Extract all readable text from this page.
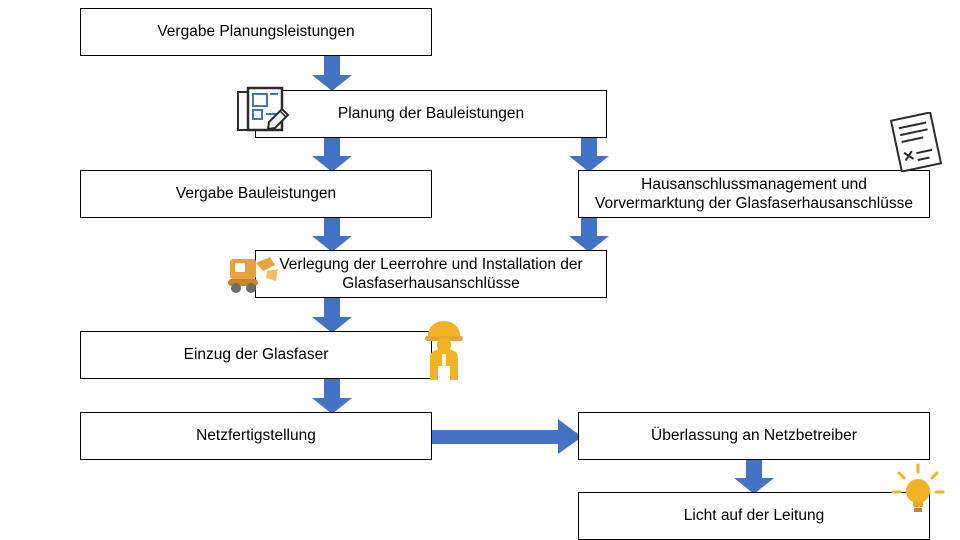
Vergabe Planungsleistungen
Planung der Bauleistungen
Hausanschlussmanagement und Vorvermarktung der Glasfaserhausanschlüsse
Vergabe Bauleistungen
Verlegung der Leerrohre und Installation der Glasfaserhausanschlüsse
Einzug der Glasfaser
Netzfertigstellung	Überlassung an Netzbetreiber
Licht auf der Leitung
